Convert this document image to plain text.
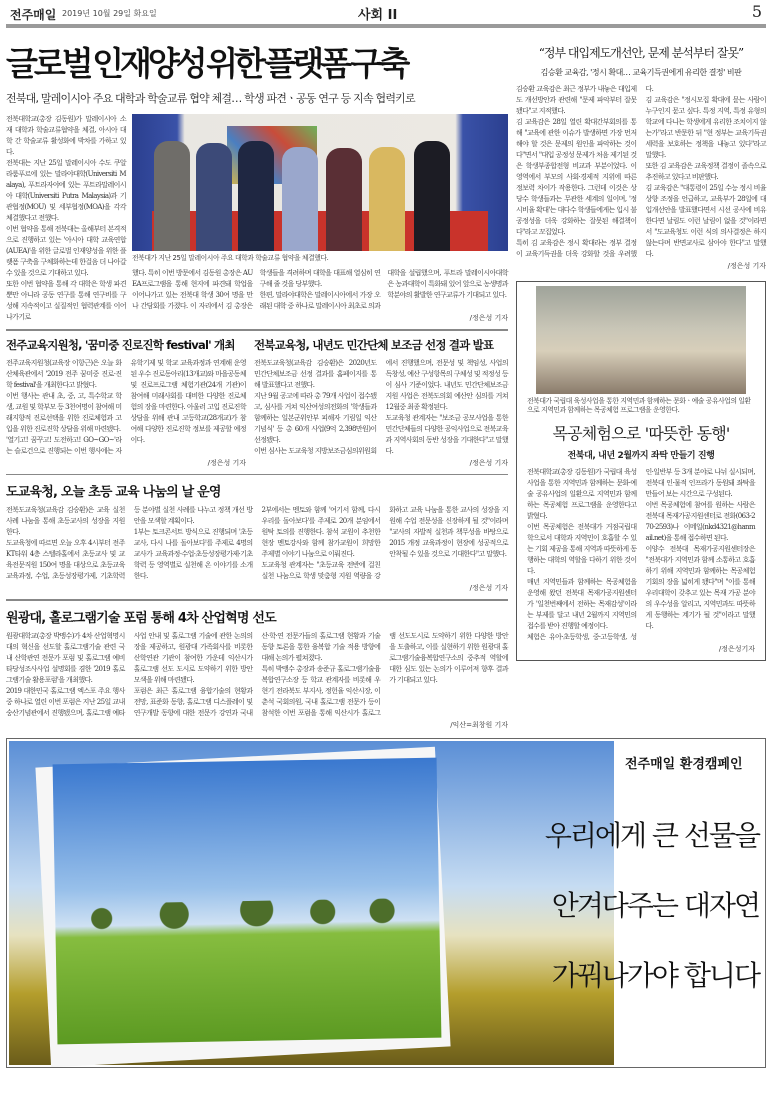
전주매일 2019년 10월 29일 화요일	사회 II	5
글로벌 인재양성 위한 플랫폼 구축
전북대, 말레이시아 주요 대학과 학술교류 협약 체결… 학생 파견ㆍ공동 연구 등 지속 협력키로
전북대학교(총장 김동원)가 말레이시아 소재 대학과 학술교류협약을 체결, 아시아 대학 간 학술교류 활성화에 박차를 가하고 있다.
전북대는 지난 25일 말레이시아 수도 쿠알라룸푸르에 있는 말라야대학(Universiti Malaya), 푸트라자야에 있는 푸트라말레이시아 대학(Universiti Putra Malaysia)과 기관협정(MOU) 및 세부협정(MOA)을 각각 체결했다고 전했다.
이번 협약을 통해 전북대는 올해부터 본격적으로 진행하고 있는 '아시아 대학 교육연합(AUEA)'을 위한 글로벌 인재양성을 위한 플랫폼 구축을 구체화하는데 한걸음 더 나아갈 수 있을 것으로 기대하고 있다.
또한 이번 협약을 통해 각 대학은 학생 파견뿐만 아니라 공동 연구를 통해 연구비를 구성해 지속적이고 실질적인 협력관계를 이어나가기로
전북대가 지난 25일 말레이시아 주요 대학과 학술교류 협약을 체결했다.
했다. 특히 이번 방문에서 김동원 총장은 AUEA프로그램을 통해 현지에 파견돼 학업을 이어나가고 있는 전북대 학생 30여 명을 만나 간담회를 가졌다. 이 자리에서 김 총장은 학생들을 격려하며 대학을 대표해 열심히 연구해 줄 것을 당부했다.
한편, 말라야대학은 말레이시아에서 가장 오래된 대학 중 하나로 말레이시아 최초로 의과대학을 설립했으며, 푸트라 말레이시아대학은 농과대학이 특화돼 있어 앞으로 농생명과 학분야의 활발한 연구교류가 기대되고 있다.
/정은성 기자
전주교육지원청, '꿈미중 진로진학 festival' 개최
전주교육지원청(교육장 이항근)은 오늘 화산체육관에서 '2019 전주 꿈미중 진로·진학 festival'을 개최한다고 밝혔다.
이번 행사는 관내 초, 중, 고, 특수학교 학생, 교원 및 학부모 등 3천여명이 참여해 미래지향적 진로선택을 위한 진로체험과 고입을 위한 진로진학 상담을 위해 마련됐다.
'열기고! 꿈꾸고! 도전하고! GO~GO~'라는 슬로건으로 진행되는 이번 행사에는 자유학기제 및 학교 교육과정과 연계해 운영된 우수 진로동아리(13개교)와 마을공동체 및 진로프로그램 체험기관(24개 기관)이 참여해 미래사회를 대비한 다양한 진로체험의 장을 마련한다. 아울러 고입 진로진학상담을 위해 관내 고등학교(28개교)가 참여해 다양한 진로진학 정보를 제공할 예정이다.
/정은성 기자
전북교육청, 내년도 민간단체 보조금 선정 결과 발표
전북도교육청(교육감 김승환)은 2020년도 민간단체보조금 선정 결과를 홈페이지를 통해 발표했다고 전했다.
지난 9월 공고에 따라 총 79개 사업이 접수됐고, 심사를 거쳐 익산여성의전화의 '학생들과 함께하는 일본군위안부 피해자 기림일 익산기념식' 등 총 60개 사업(9억 2,398만원)이 선정됐다.
이번 심사는 도교육청 지방보조금심의위원회에서 진행했으며, 전문성 및 책임성, 사업의 독창성, 예산 구성항목의 구체성 및 적정성 등이 심사 기준이었다. 내년도 민간단체보조금 지원 사업은 전북도의회 예산안 심의를 거쳐 12월중 최종 확정된다.
도교육청 관계자는 "보조금 공모사업을 통한 민간단체들의 다양한 공익사업으로 전북교육과 지역사회의 동반 성장을 기대한다"고 말했다.
/정은성 기자
도교육청, 오늘 초등 교육 나눔의 날 운영
전북도교육청(교육감 김승환)은 교육 실천사례 나눔을 통해 초등교사의 성장을 지원한다.
도교육청에 따르면 오늘 오후 4시부터 전주KT타워 4층 스텔라홀에서 초등교사 및 교육전문직원 150여 명을 대상으로 초등교육 교육과정, 수업, 초등성장평가제, 기초학력 등 분야별 실천 사례를 나누고 정책 개선 방안을 모색할 계획이다.
1부는 토크콘서트 방식으로 진행되며 '초등교사, 다시 나를 돌아보다'를 주제로 4명의 교사가 교육과정·수업·초등성장평가제·기초학력 등 영역별로 실천해 온 이야기를 소개한다.
2부에서는 멘토와 함께 '여기서 함께, 다시 우리를 돌아보다'를 주제로 20개 분임에서 원탁 토의를 진행한다. 참석 교원이 추천한 현장 멘토강사와 함께 참가교원이 희망한 주제별 이야기 나눔으로 이뤄진다.
도교육청 관계자는 "초등교육 전반에 걸친 실천 나눔으로 학생 맞춤형 지원 역량을 강화하고 교육 나눔을 통한 교사의 성장을 지원해 수업 전문성을 신장하게 될 것"이라며 "교사의 자발적 실천과 책무성을 바탕으로 2015 개정 교육과정이 현장에 성공적으로 안착될 수 있을 것으로 기대한다"고 말했다.
/정은성 기자
원광대, 홀로그램기술 포럼 통해 4차 산업혁명 선도
원광대학교(총장 박맹수)가 4차 산업혁명시대의 혁신을 선도할 홀로그램기술 관련 국내 산학관연 전문가 포럼 및 홀로그램 예비타당성조사사업 설명회를 겸한 '2019 홀로그램기술 활용포럼'을 개최했다.
2019 대한민국 홀로그램 엑스포 주요 행사 중 하나로 열린 이번 포럼은 지난 25일 교내 숭산기념관에서 진행됐으며, 홀로그램 예타사업 안내 및 홀로그램 기술에 관한 논의의 장을 제공하고, 원광대 가족회사를 비롯한 산학연관 기관이 참여한 가운데 익산시가 홀로그램 선도 도시로 도약하기 위한 방안 모색을 위해 마련됐다.
포럼은 최근 홀로그램 융합기술의 현황과 전망, 표준화 동향, 홀로그램 디스플레이 및 연구개발 동향에 대한 전문가 강연과 국내 산·학·연 전문가들의 홀로그램 현황과 기술동향 토론을 통한 융복합 기술 적용 방향에 대해 논의가 펼쳐졌다.
특히 박맹수 총장과 송준규 홀로그램기술융복합연구소장 등 학교 관계자를 비롯해 우현기 전라북도 부지사, 정헌율 익산시장, 이춘석 국회의원, 국내 홀로그램 전문가 등이 참석한 이번 포럼을 통해 익산시가 홀로그램 선도도시로 도약하기 위한 다양한 방안을 도출하고, 이를 실현하기 위한 원광대 홀로그램기술융복합연구소의 중추적 역할에 대한 심도 있는 논의가 이루어져 향후 결과가 기대되고 있다.
/익산=최창원 기자
“정부 대입제도개선안, 문제 분석부터 잘못”
김승환 교육감, '정시 확대… 교육기득권에게 유리한 결정' 비판
김승환 교육감은 최근 정부가 내놓은 대입제도 개선방안과 관련해 "문제 파악부터 잘못 됐다"고 지적했다.
김 교육감은 28일 열린 확대간부회의를 통해 "교육에 관한 이슈가 발생하면 가장 먼저 해야 할 것은 문제의 원인을 파악하는 것이다"면서 "대입 공정성 문제가 처음 제기된 것은 학생부종합전형 비교과 부분이었다. 이 영역에서 부모의 사회·경제적 지위에 따른 정보력 차이가 작용한다. 그런데 이것은 상당수 학생들과는 무관한 세계의 일이며, '정시비율 확대'는 대다수 학생들에게는 입시 불공정성을 더욱 강화하는 잘못된 해결책이다"라고 꼬집었다.
특히 김 교육감은 정시 확대라는 정부 결정이 교육기득권을 더욱 강화할 것을 우려했다.
김 교육감은 "정시모집 확대에 묻는 사람이 누구인지 묻고 싶다. 특정 지역, 특정 유형의 학교에 다니는 학생에게 유리한 조치이지 않는가"라고 반문한 뒤 "현 정부는 교육기득권 세력을 보호하는 정책을 내놓고 있다"라고 말했다.
또한 김 교육감은 교육정책 결정이 졸속으로 추진하고 있다고 비판했다.
김 교육감은 "대통령이 25일 수능 정시 비율 상향 조정을 언급하고, 교육부가 28일에 대입개선안을 발표했다면서 시선 공사에 비유한다면 날림도 이런 날림이 없을 것"이라면서 "도교육청도 이런 식의 의사결정은 하지 않는다며 반면교사로 삼아야 한다"고 말했다.
/정은성 기자
전북대가 국립대 육성사업을 통한 지역민과 함께하는 문화ㆍ예술 공유사업의 일환으로 지역민과 함께하는 목공체험 프로그램을 운영한다.
목공체험으로 '따뜻한 동행'
전북대, 내년 2월까지 좌탁 만들기 진행
전북대학교(총장 김동원)가 국립대 육성사업을 통한 지역민과 함께하는 문화·예술 공유사업의 일환으로 지역민과 함께하는 목공체험 프로그램을 운영한다고 밝혔다.
이번 목공체험은 전북대가 거점국립대학으로서 대학과 지역민이 호흡할 수 있는 기회 제공을 통해 지역과 따뜻하게 동행하는 대학의 역할을 다하기 위한 것이다.
매년 지역민들과 함께하는 목공체험을 운영해 왔던 전북대 목재가공지원센터가 '일천번째에서 전하는 목재감성'이라는 부제를 달고 내년 2월까지 지역민의 접수를 받아 진행할 예정이다.
체험은 유아·초등학생, 중·고등학생, 성인·일반부 등 3개 분야로 나뉘 실시되며, 전북대 인·물적 인프라가 동원돼 좌탁을 만들어 보는 시간으로 구성된다.
이번 목공체험에 참여를 원하는 사람은 전북대 목재가공지원센터로 전화(063-270-2593)나 이메일(nkd4321@hanmail.net)을 통해 접수하면 된다.
이양수 전북대 목재가공지원센터장은 "전북대가 지역민과 함께 소통하고 호흡하기 위해 지역민과 함께하는 목공체험 기회의 장을 넓히게 됐다"며 "이를 통해 우리대학이 갖추고 있는 목재 가공 분야의 우수성을 알리고, 지역민과도 따뜻하게 동행하는 계기가 될 것"이라고 말했다.
/정은성기자
전주매일 환경캠페인
우리에게 큰 선물을
안겨다주는 대자연
가꿔나가야 합니다
